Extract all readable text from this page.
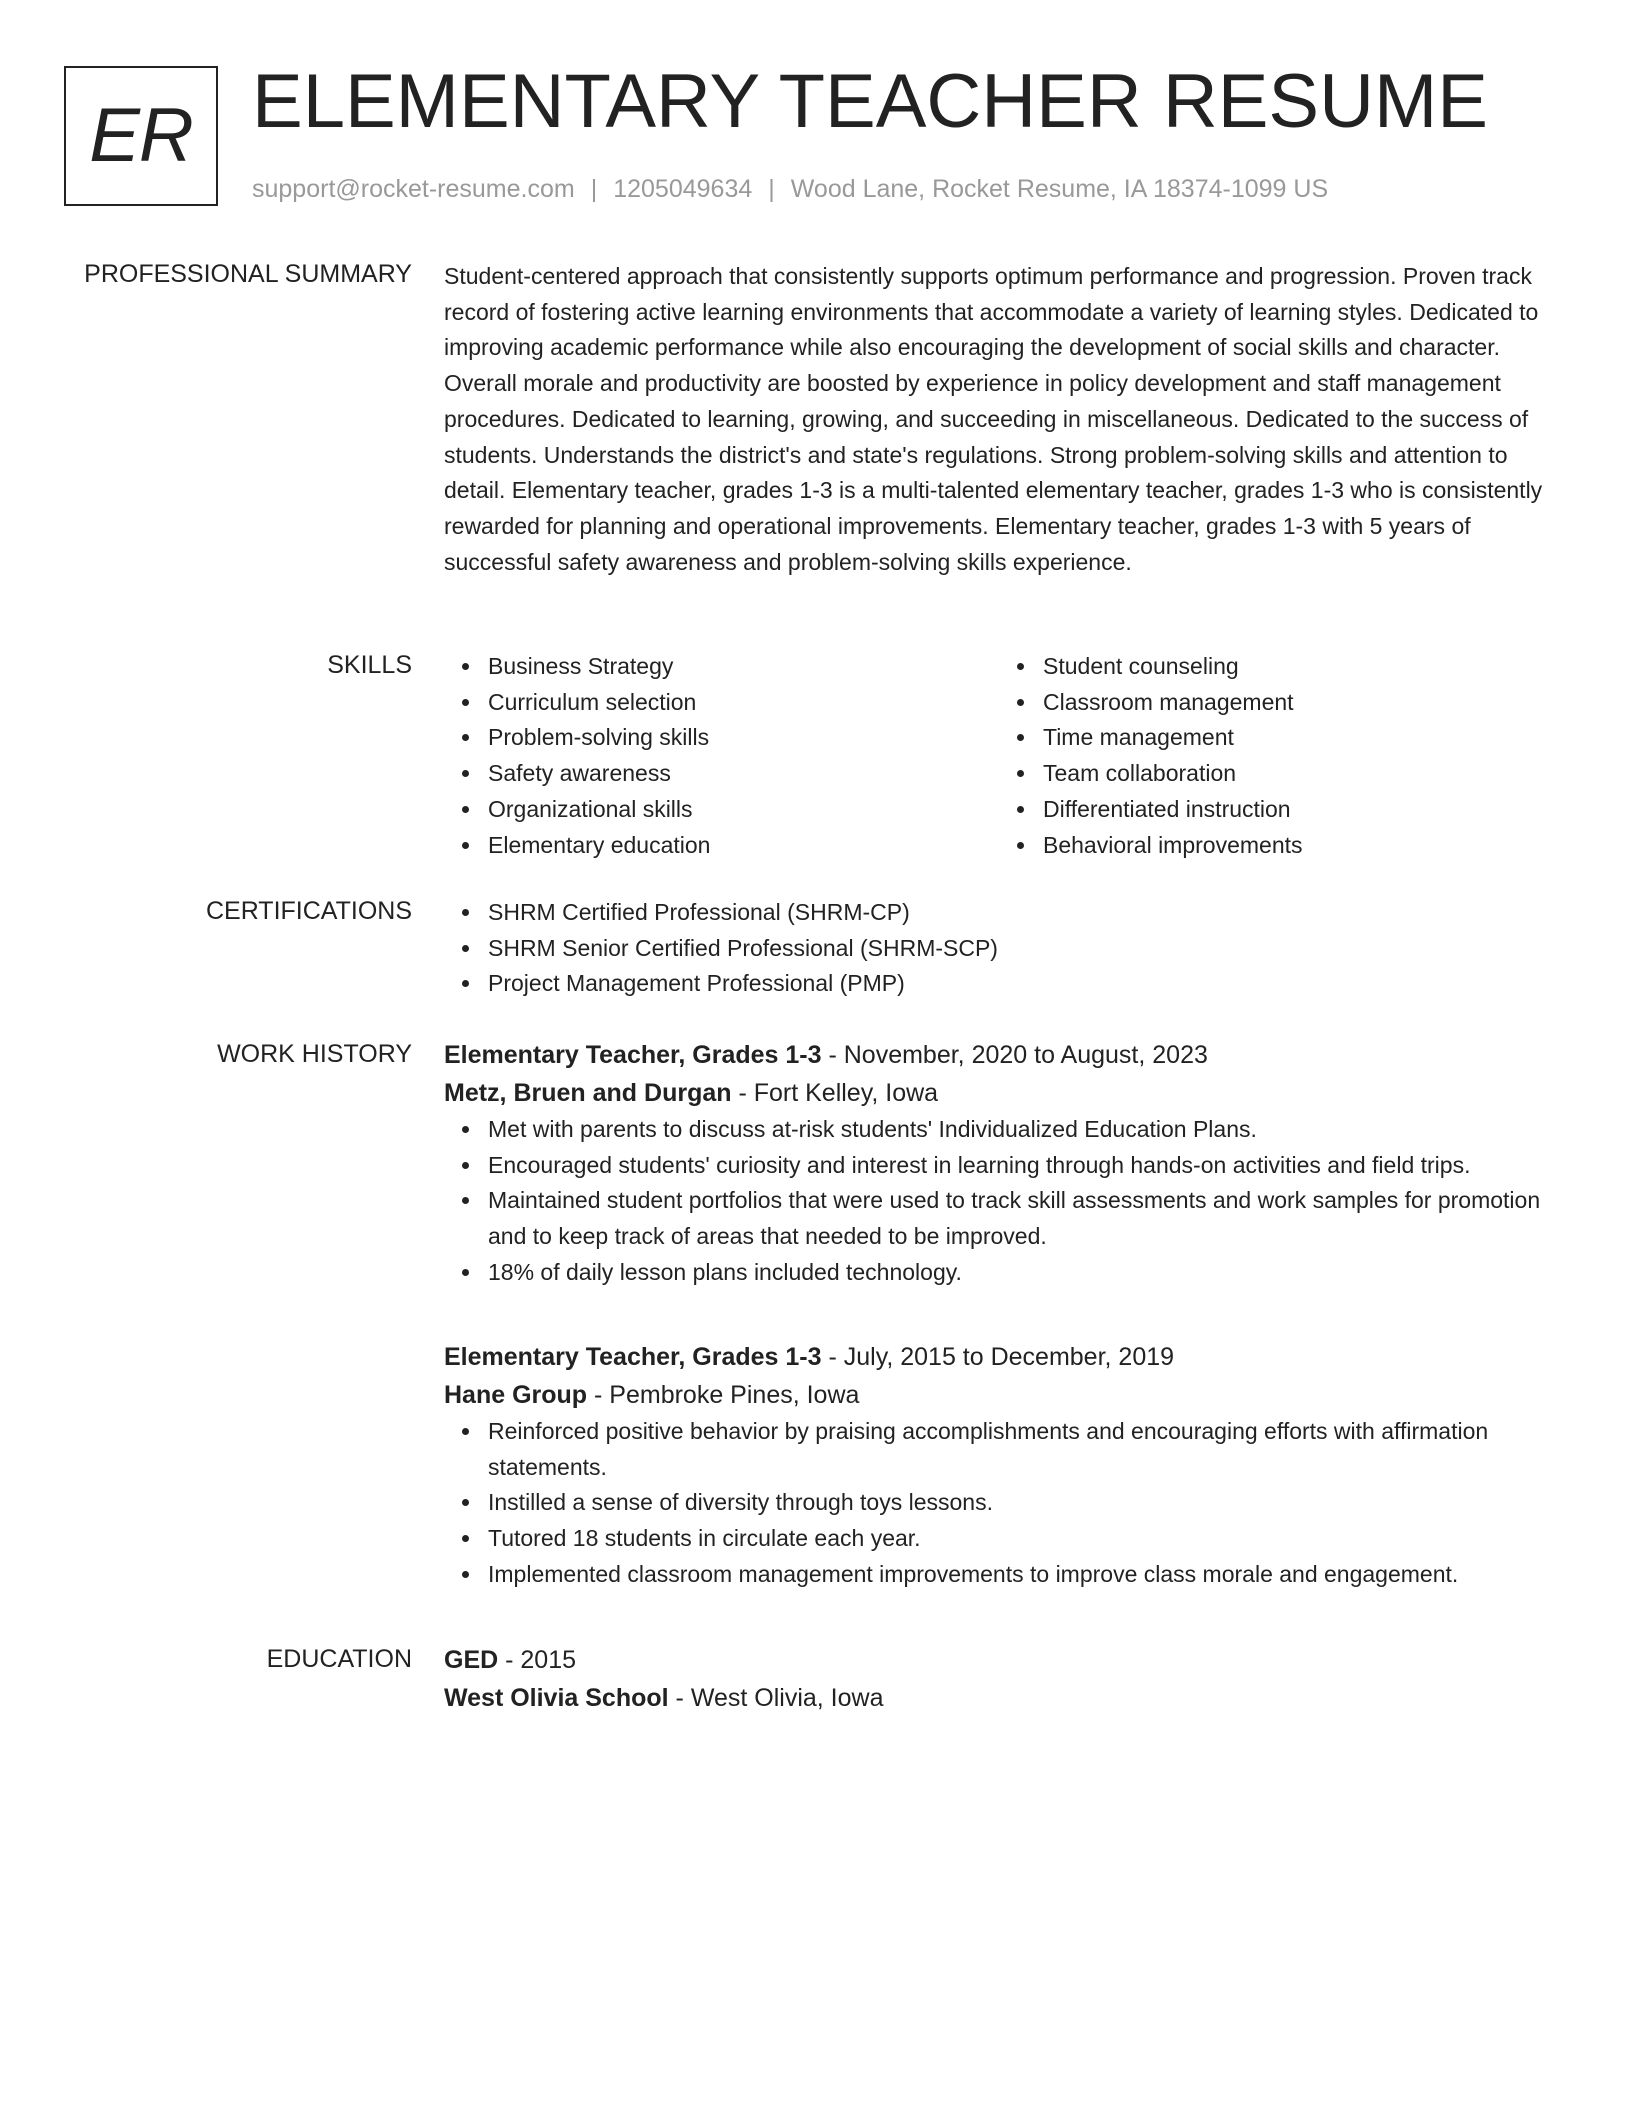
ER ELEMENTARY TEACHER RESUME
support@rocket-resume.com | 1205049634 | Wood Lane, Rocket Resume, IA 18374-1099 US
PROFESSIONAL SUMMARY Student-centered approach that consistently supports optimum performance and progression. Proven track record of fostering active learning environments that accommodate a variety of learning styles. Dedicated to improving academic performance while also encouraging the development of social skills and character. Overall morale and productivity are boosted by experience in policy development and staff management procedures. Dedicated to learning, growing, and succeeding in miscellaneous. Dedicated to the success of students. Understands the district's and state's regulations. Strong problem-solving skills and attention to detail. Elementary teacher, grades 1-3 is a multi-talented elementary teacher, grades 1-3 who is consistently rewarded for planning and operational improvements. Elementary teacher, grades 1-3 with 5 years of successful safety awareness and problem-solving skills experience.

SKILLS	Business Strategy
Curriculum selection
Problem-solving skills
Safety awareness
Organizational skills
Elementary education
Student counseling
Classroom management
Time management
Team collaboration
Differentiated instruction
Behavioral improvements
CERTIFICATIONS	SHRM Certified Professional (SHRM-CP)
SHRM Senior Certified Professional (SHRM-SCP)
Project Management Professional (PMP)
WORK HISTORY Elementary Teacher, Grades 1-3 - November, 2020 to August, 2023
Metz, Bruen and Durgan - Fort Kelley, Iowa
Met with parents to discuss at-risk students' Individualized Education Plans.
Encouraged students' curiosity and interest in learning through hands-on activities and field trips.
Maintained student portfolios that were used to track skill assessments and work samples for promotion and to keep track of areas that needed to be improved.
18% of daily lesson plans included technology.
Elementary Teacher, Grades 1-3 - July, 2015 to December, 2019
Hane Group - Pembroke Pines, Iowa
Reinforced positive behavior by praising accomplishments and encouraging efforts with affirmation statements.
Instilled a sense of diversity through toys lessons.
Tutored 18 students in circulate each year.
Implemented classroom management improvements to improve class morale and engagement.
EDUCATION GED - 2015
West Olivia School - West Olivia, Iowa
